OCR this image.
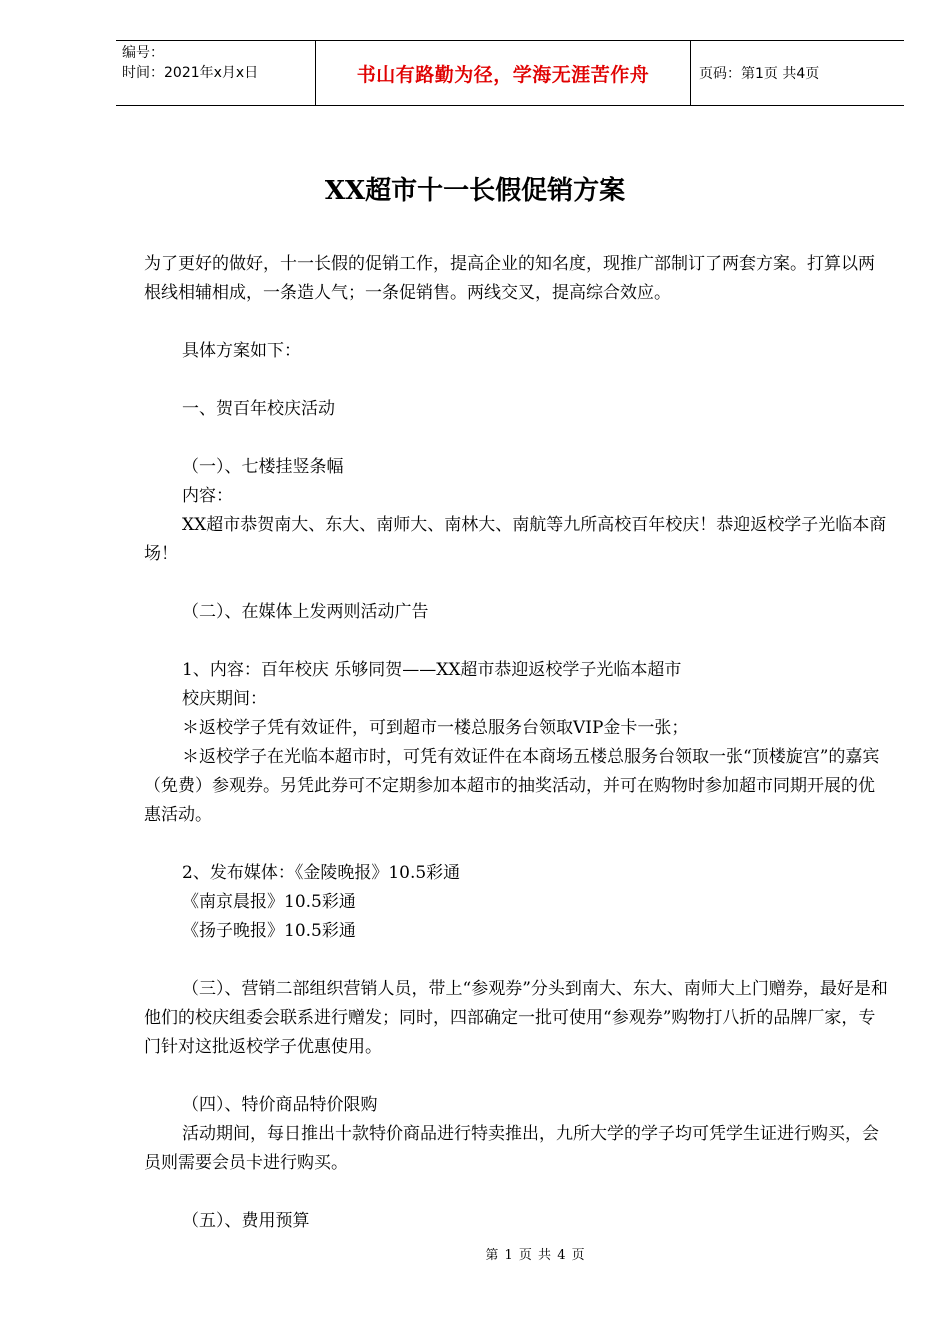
编号：
时间：2021年x月x日	书山有路勤为径，学海无涯苦作舟	页码：第1页 共4页
XX超市十一长假促销方案

为了更好的做好，十一长假的促销工作，提高企业的知名度，现推广部制订了两套方案。打算以两根线相辅相成，一条造人气；一条促销售。两线交叉，提高综合效应。

具体方案如下：

一、贺百年校庆活动

（一）、七楼挂竖条幅

内容：

XX超市恭贺南大、东大、南师大、南林大、南航等九所高校百年校庆！恭迎返校学子光临本商场！

（二）、在媒体上发两则活动广告

1、内容：百年校庆 乐够同贺——XX超市恭迎返校学子光临本超市

校庆期间：

＊返校学子凭有效证件，可到超市一楼总服务台领取VIP金卡一张；

＊返校学子在光临本超市时，可凭有效证件在本商场五楼总服务台领取一张“顶楼旋宫”的嘉宾（免费）参观券。另凭此券可不定期参加本超市的抽奖活动，并可在购物时参加超市同期开展的优惠活动。

2、发布媒体：《金陵晚报》10.5彩通

《南京晨报》10.5彩通

《扬子晚报》10.5彩通

（三）、营销二部组织营销人员，带上“参观券”分头到南大、东大、南师大上门赠券，最好是和他们的校庆组委会联系进行赠发；同时，四部确定一批可使用“参观券”购物打八折的品牌厂家，专门针对这批返校学子优惠使用。

（四）、特价商品特价限购

活动期间，每日推出十款特价商品进行特卖推出，九所大学的学子均可凭学生证进行购买，会员则需要会员卡进行购买。

（五）、费用预算

第 1 页 共 4 页
